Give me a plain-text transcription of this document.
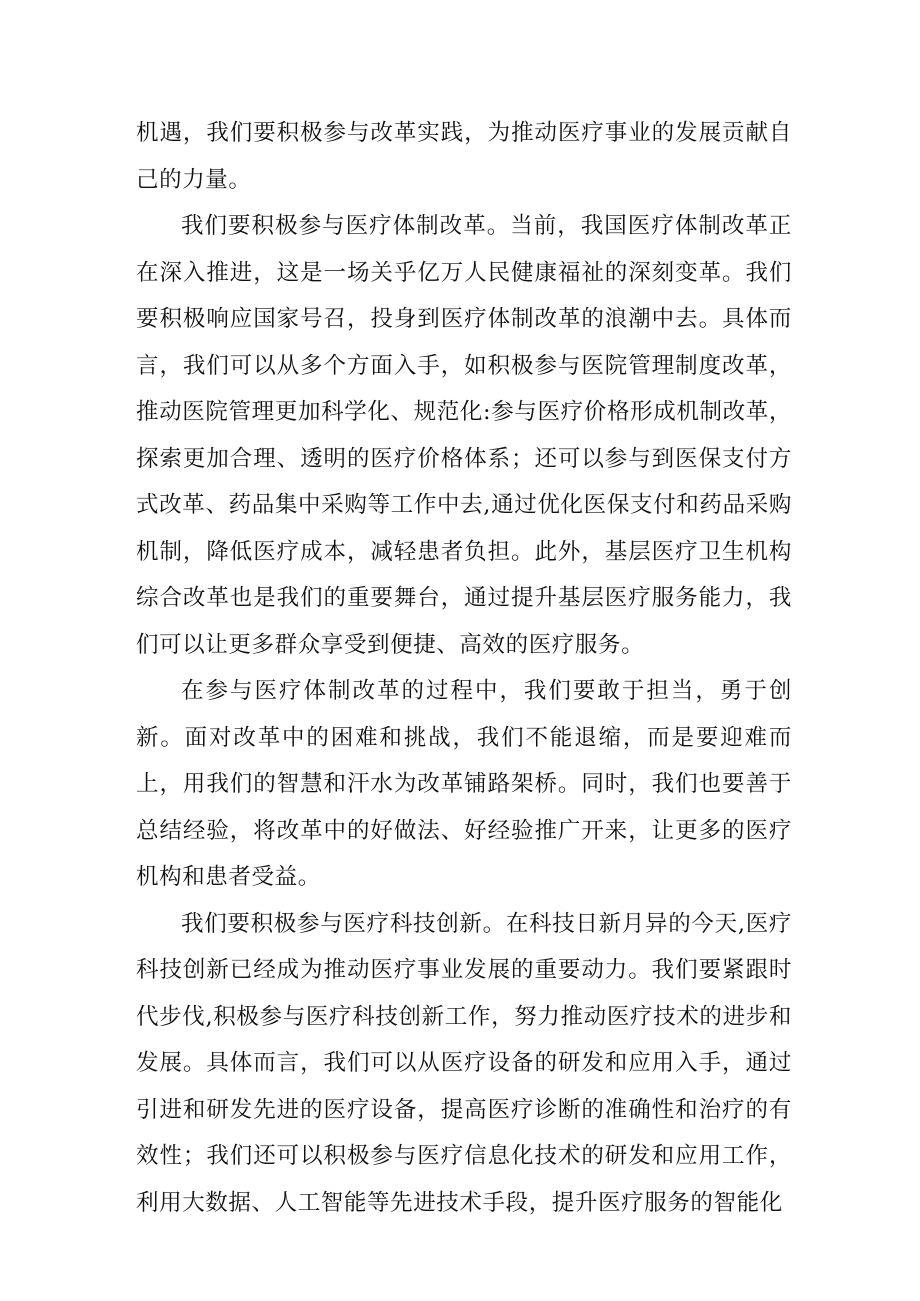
机遇，我们要积极参与改革实践，为推动医疗事业的发展贡献自己的力量。

我们要积极参与医疗体制改革。当前，我国医疗体制改革正在深入推进，这是一场关乎亿万人民健康福祉的深刻变革。我们要积极响应国家号召，投身到医疗体制改革的浪潮中去。具体而言，我们可以从多个方面入手，如积极参与医院管理制度改革，推动医院管理更加科学化、规范化:参与医疗价格形成机制改革，探索更加合理、透明的医疗价格体系；还可以参与到医保支付方式改革、药品集中采购等工作中去,通过优化医保支付和药品采购机制，降低医疗成本，减轻患者负担。此外，基层医疗卫生机构综合改革也是我们的重要舞台，通过提升基层医疗服务能力，我们可以让更多群众享受到便捷、高效的医疗服务。

在参与医疗体制改革的过程中，我们要敢于担当，勇于创新。面对改革中的困难和挑战，我们不能退缩，而是要迎难而上，用我们的智慧和汗水为改革铺路架桥。同时，我们也要善于总结经验，将改革中的好做法、好经验推广开来，让更多的医疗机构和患者受益。

我们要积极参与医疗科技创新。在科技日新月异的今天,医疗科技创新已经成为推动医疗事业发展的重要动力。我们要紧跟时代步伐,积极参与医疗科技创新工作，努力推动医疗技术的进步和发展。具体而言，我们可以从医疗设备的研发和应用入手，通过引进和研发先进的医疗设备，提高医疗诊断的准确性和治疗的有效性；我们还可以积极参与医疗信息化技术的研发和应用工作，利用大数据、人工智能等先进技术手段，提升医疗服务的智能化
